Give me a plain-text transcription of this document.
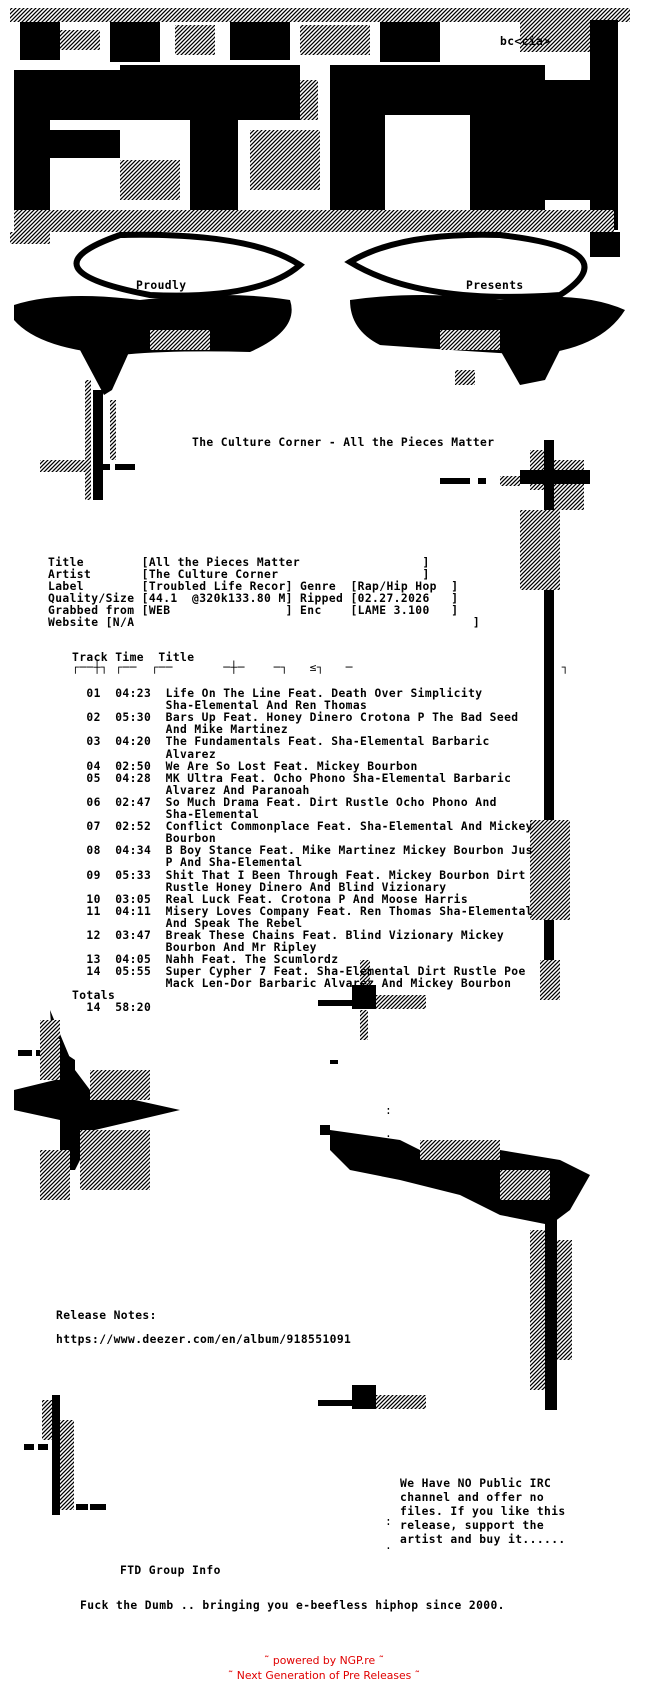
bc<cia>
Proudly	Presents
The Culture Corner - All the Pieces Matter
Title        [All the Pieces Matter                 ]
Artist       [The Culture Corner                    ]
Label        [Troubled Life Recor] Genre  [Rap/Hip Hop  ]
Quality/Size [44.1  @320k133.80 M] Ripped [02.27.2026   ]
Grabbed from [WEB                ] Enc    [LAME 3.100   ]
Website [N/A                                               ]
Track Time  Title
┌──┼┐ ┌──  ┌──       ─┼─    ─┐   ≤┐   ─                             ┐
01  04:23  Life On The Line Feat. Death Over Simplicity
Sha-Elemental And Ren Thomas
02  05:30  Bars Up Feat. Honey Dinero Crotona P The Bad Seed
And Mike Martinez
03  04:20  The Fundamentals Feat. Sha-Elemental Barbaric
Alvarez
04  02:50  We Are So Lost Feat. Mickey Bourbon
05  04:28  MK Ultra Feat. Ocho Phono Sha-Elemental Barbaric
Alvarez And Paranoah
06  02:47  So Much Drama Feat. Dirt Rustle Ocho Phono And
Sha-Elemental
07  02:52  Conflict Commonplace Feat. Sha-Elemental And Mickey
Bourbon
08  04:34  B Boy Stance Feat. Mike Martinez Mickey Bourbon Jus
P And Sha-Elemental
09  05:33  Shit That I Been Through Feat. Mickey Bourbon Dirt
Rustle Honey Dinero And Blind Vizionary
10  03:05  Real Luck Feat. Crotona P And Moose Harris
11  04:11  Misery Loves Company Feat. Ren Thomas Sha-Elemental
And Speak The Rebel
12  03:47  Break These Chains Feat. Blind Vizionary Mickey
Bourbon And Mr Ripley
13  04:05  Nahh Feat. The Scumlordz
14  05:55  Super Cypher 7 Feat. Sha-Elemental Dirt Rustle Poe
Mack Len-Dor Barbaric Alvarez And Mickey Bourbon
Totals
14  58:20
.
:
.
Release Notes:
https://www.deezer.com/en/album/918551091
We Have NO Public IRC
channel and offer no
files. If you like this
release, support the
artist and buy it......
:
.
FTD Group Info
Fuck the Dumb .. bringing you e-beefless hiphop since 2000.
˜ powered by NGP.re ˜
˜ Next Generation of Pre Releases ˜
